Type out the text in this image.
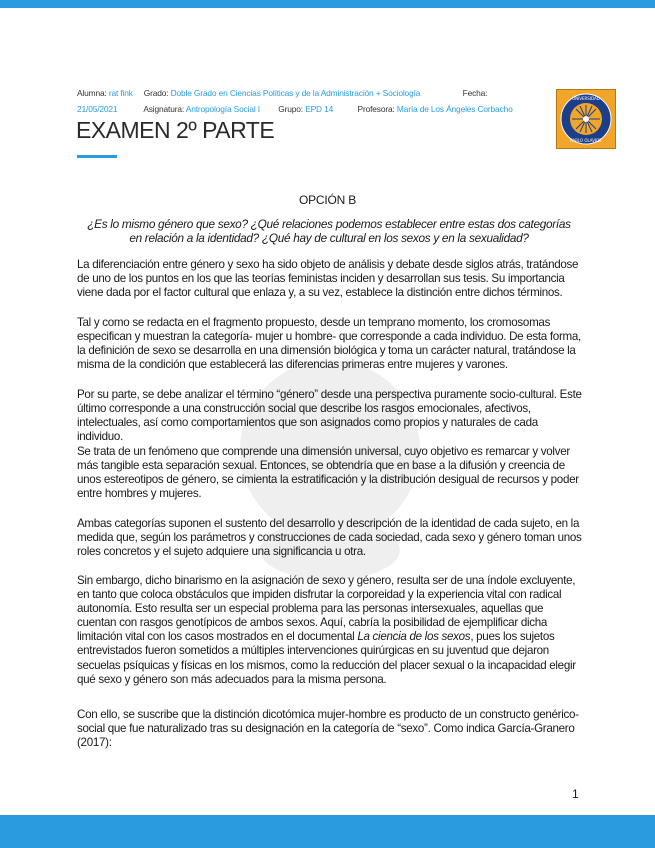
Alumna: rat fink Grado: Doble Grado en Ciencias Políticas y de la Administración + Sociología	Fecha:
21/05/2021	Asignatura: Antropología Social I Grupo: EPD 14	Profesora: María de Los Ángeles Corbacho
EXAMEN 2º PARTE
UNIVERSIDAD
PABLO OLAVIDE
OPCIÓN B
¿Es lo mismo género que sexo? ¿Qué relaciones podemos establecer entre estas dos categorías en relación a la identidad? ¿Qué hay de cultural en los sexos y en la sexualidad?
La diferenciación entre género y sexo ha sido objeto de análisis y debate desde siglos atrás, tratándose de uno de los puntos en los que las teorías feministas inciden y desarrollan sus tesis. Su importancia viene dada por el factor cultural que enlaza y, a su vez, establece la distinción entre dichos términos.
Tal y como se redacta en el fragmento propuesto, desde un temprano momento, los cromosomas especifican y muestran la categoría- mujer u hombre- que corresponde a cada individuo. De esta forma, la definición de sexo se desarrolla en una dimensión biológica y toma un carácter natural, tratándose la misma de la condición que establecerá las diferencias primeras entre mujeres y varones.
Por su parte, se debe analizar el término “género” desde una perspectiva puramente socio-cultural. Este último corresponde a una construcción social que describe los rasgos emocionales, afectivos, intelectuales, así como comportamientos que son asignados como propios y naturales de cada individuo.
Se trata de un fenómeno que comprende una dimensión universal, cuyo objetivo es remarcar y volver más tangible esta separación sexual. Entonces, se obtendría que en base a la difusión y creencia de unos estereotipos de género, se cimienta la estratificación y la distribución desigual de recursos y poder entre hombres y mujeres.
Ambas categorías suponen el sustento del desarrollo y descripción de la identidad de cada sujeto, en la medida que, según los parámetros y construcciones de cada sociedad, cada sexo y género toman unos roles concretos y el sujeto adquiere una significancia u otra.
Sin embargo, dicho binarismo en la asignación de sexo y género, resulta ser de una índole excluyente, en tanto que coloca obstáculos que impiden disfrutar la corporeidad y la experiencia vital con radical autonomía. Esto resulta ser un especial problema para las personas intersexuales, aquellas que cuentan con rasgos genotípicos de ambos sexos. Aquí, cabría la posibilidad de ejemplificar dicha limitación vital con los casos mostrados en el documental La ciencia de los sexos, pues los sujetos entrevistados fueron sometidos a múltiples intervenciones quirúrgicas en su juventud que dejaron secuelas psíquicas y físicas en los mismos, como la reducción del placer sexual o la incapacidad elegir qué sexo y género son más adecuados para la misma persona.
Con ello, se suscribe que la distinción dicotómica mujer-hombre es producto de un constructo genérico-social que fue naturalizado tras su designación en la categoría de “sexo”. Como indica García-Granero (2017):
1
